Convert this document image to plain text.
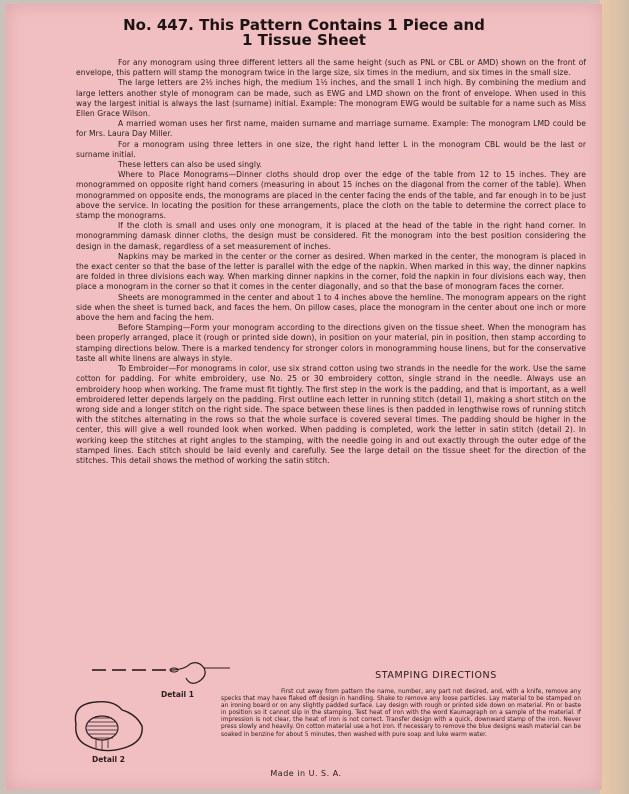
No. 447. This Pattern Contains 1 Piece and
1 Tissue Sheet

For any monogram using three different letters all the same height (such as PNL or CBL or AMD) shown on the front of envelope, this pattern will stamp the monogram twice in the large size, six times in the medium, and six times in the small size.

The large letters are 2½ inches high, the medium 1½ inches, and the small 1 inch high. By combining the medium and large letters another style of monogram can be made, such as EWG and LMD shown on the front of envelope. When used in this way the largest initial is always the last (surname) initial. Example: The monogram EWG would be suitable for a name such as Miss Ellen Grace Wilson.

A married woman uses her first name, maiden surname and marriage surname. Example: The monogram LMD could be for Mrs. Laura Day Miller.

For a monogram using three letters in one size, the right hand letter L in the monogram CBL would be the last or surname initial.

These letters can also be used singly.

Where to Place Monograms—Dinner cloths should drop over the edge of the table from 12 to 15 inches. They are monogrammed on opposite right hand corners (measuring in about 15 inches on the diagonal from the corner of the table). When monogrammed on opposite ends, the monograms are placed in the center facing the ends of the table, and far enough in to be just above the service. In locating the position for these arrangements, place the cloth on the table to determine the correct place to stamp the monograms.

If the cloth is small and uses only one monogram, it is placed at the head of the table in the right hand corner. In monogramming damask dinner cloths, the design must be considered. Fit the monogram into the best position considering the design in the damask, regardless of a set measurement of inches.

Napkins may be marked in the center or the corner as desired. When marked in the center, the monogram is placed in the exact center so that the base of the letter is parallel with the edge of the napkin. When marked in this way, the dinner napkins are folded in three divisions each way. When marking dinner napkins in the corner, fold the napkin in four divisions each way, then place a monogram in the corner so that it comes in the center diagonally, and so that the base of monogram faces the corner.

Sheets are monogrammed in the center and about 1 to 4 inches above the hemline. The monogram appears on the right side when the sheet is turned back, and faces the hem. On pillow cases, place the monogram in the center about one inch or more above the hem and facing the hem.

Before Stamping—Form your monogram according to the directions given on the tissue sheet. When the monogram has been properly arranged, place it (rough or printed side down), in position on your material, pin in position, then stamp according to stamping directions below. There is a marked tendency for stronger colors in monogramming house linens, but for the conservative taste all white linens are always in style.

To Embroider—For monograms in color, use six strand cotton using two strands in the needle for the work. Use the same cotton for padding. For white embroidery, use No. 25 or 30 embroidery cotton, single strand in the needle. Always use an embroidery hoop when working. The frame must fit tightly. The first step in the work is the padding, and that is important, as a well embroidered letter depends largely on the padding. First outline each letter in running stitch (detail 1), making a short stitch on the wrong side and a longer stitch on the right side. The space between these lines is then padded in lengthwise rows of running stitch with the stitches alternating in the rows so that the whole surface is covered several times. The padding should be higher in the center, this will give a well rounded look when worked. When padding is completed, work the letter in satin stitch (detail 2). In working keep the stitches at right angles to the stamping, with the needle going in and out exactly through the outer edge of the stamped lines. Each stitch should be laid evenly and carefully. See the large detail on the tissue sheet for the direction of the stitches. This detail shows the method of working the satin stitch.

Detail 1
Detail 2
STAMPING DIRECTIONS
First cut away from pattern the name, number, any part not desired, and, with a knife, remove any specks that may have flaked off design in handling. Shake to remove any loose particles. Lay material to be stamped on an ironing board or on any slightly padded surface. Lay design with rough or printed side down on material. Pin or baste in position so it cannot slip in the stamping. Test heat of iron with the word Kaumagraph on a sample of the material. If impression is not clear, the heat of iron is not correct. Transfer design with a quick, downward stamp of the iron. Never press slowly and heavily. On cotton material use a hot iron. If necessary to remove the blue designs wash material can be soaked in benzine for about 5 minutes, then washed with pure soap and luke warm water.
Made in U. S. A.
